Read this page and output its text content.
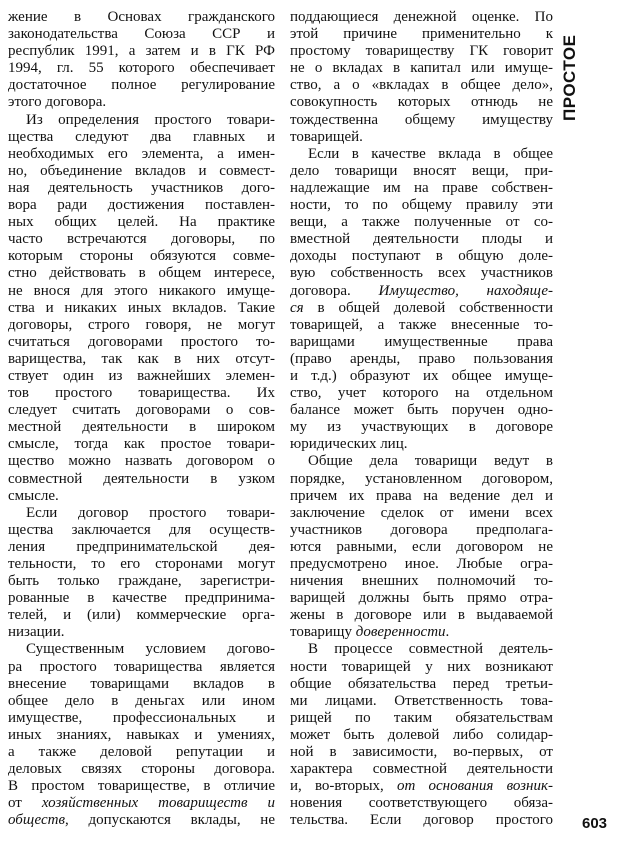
жение в Основах гражданского
законодательства Союза ССР и
республик 1991, а затем и в ГК РФ
1994, гл. 55 которого обеспечивает
достаточное полное регулирование
этого договора.
Из определения простого товари-
щества следуют два главных и
необходимых его элемента, а имен-
но, объединение вкладов и совмест-
ная деятельность участников дого-
вора ради достижения поставлен-
ных общих целей. На практике
часто встречаются договоры, по
которым стороны обязуются совме-
стно действовать в общем интересе,
не внося для этого никакого имуще-
ства и никаких иных вкладов. Такие
договоры, строго говоря, не могут
считаться договорами простого то-
варищества, так как в них отсут-
ствует один из важнейших элемен-
тов простого товарищества. Их
следует считать договорами о сов-
местной деятельности в широком
смысле, тогда как простое товари-
щество можно назвать договором о
совместной деятельности в узком
смысле.
Если договор простого товари-
щества заключается для осуществ-
ления предпринимательской дея-
тельности, то его сторонами могут
быть только граждане, зарегистри-
рованные в качестве предпринима-
телей, и (или) коммерческие орга-
низации.
Существенным условием догово-
ра простого товарищества является
внесение товарищами вкладов в
общее дело в деньгах или ином
имуществе, профессиональных и
иных знаниях, навыках и умениях,
а также деловой репутации и
деловых связях стороны договора.
В простом товариществе, в отличие
от хозяйственных товариществ и
обществ, допускаются вклады, не
поддающиеся денежной оценке. По
этой причине применительно к
простому товариществу ГК говорит
не о вкладах в капитал или имуще-
ство, а о «вкладах в общее дело»,
совокупность которых отнюдь не
тождественна общему имуществу
товарищей.
Если в качестве вклада в общее
дело товарищи вносят вещи, при-
надлежащие им на праве собствен-
ности, то по общему правилу эти
вещи, а также полученные от со-
вместной деятельности плоды и
доходы поступают в общую доле-
вую собственность всех участников
договора. Имущество, находяще-
ся в общей долевой собственности
товарищей, а также внесенные то-
варищами имущественные права
(право аренды, право пользования
и т.д.) образуют их общее имуще-
ство, учет которого на отдельном
балансе может быть поручен одно-
му из участвующих в договоре
юридических лиц.
Общие дела товарищи ведут в
порядке, установленном договором,
причем их права на ведение дел и
заключение сделок от имени всех
участников договора предполага-
ются равными, если договором не
предусмотрено иное. Любые огра-
ничения внешних полномочий то-
варищей должны быть прямо отра-
жены в договоре или в выдаваемой
товарищу доверенности.
В процессе совместной деятель-
ности товарищей у них возникают
общие обязательства перед третьи-
ми лицами. Ответственность това-
рищей по таким обязательствам
может быть долевой либо солидар-
ной в зависимости, во-первых, от
характера совместной деятельности
и, во-вторых, от основания возник-
новения соответствующего обяза-
тельства. Если договор простого
ПРОСТОЕ
603
